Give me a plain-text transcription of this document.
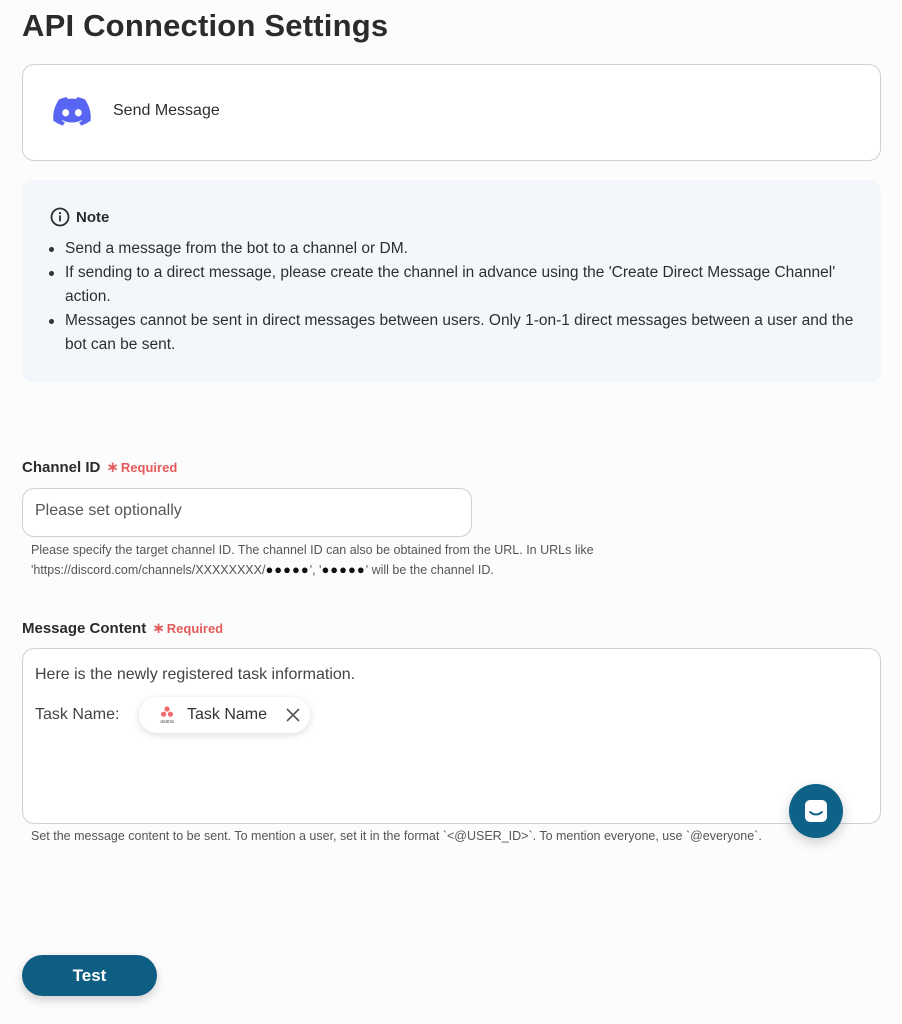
API Connection Settings
Send Message
Note
Send a message from the bot to a channel or DM.
If sending to a direct message, please create the channel in advance using the 'Create Direct Message Channel' action.
Messages cannot be sent in direct messages between users. Only 1-on-1 direct messages between a user and the bot can be sent.
Channel ID ∗ Required
Please set optionally
Please specify the target channel ID. The channel ID can also be obtained from the URL. In URLs like
'https://discord.com/channels/XXXXXXXX/●●●●●', '●●●●●' will be the channel ID.
Message Content ∗ Required
Here is the newly registered task information.
Task Name:	asana Task Name
Set the message content to be sent. To mention a user, set it in the format `<@USER_ID>`. To mention everyone, use `@everyone`.
Test
